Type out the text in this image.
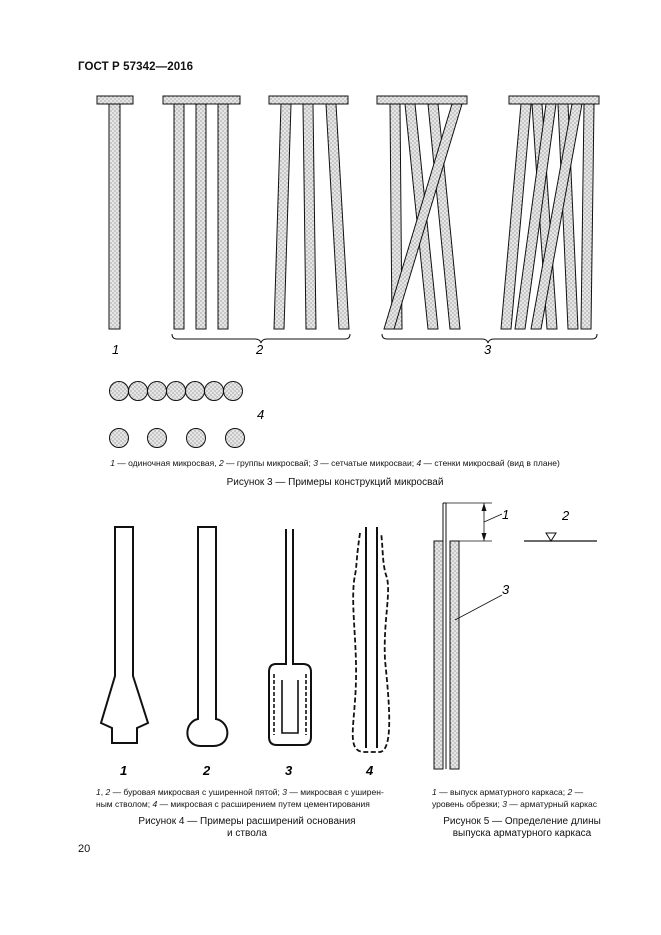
ГОСТ Р 57342—2016
1	2	3
4
1	2	3	4
1	2
3
1 — одиночная микросвая, 2 — группы микросвай; 3 — сетчатые микросваи; 4 — стенки микросвай (вид в плане)
Рисунок 3 — Примеры конструкций микросвай
1, 2 — буровая микросвая с уширенной пятой; 3 — микросвая с уширен-
ным стволом; 4 — микросвая с расширением путем цементирования
Рисунок 4 — Примеры расширений основания
и ствола
1 — выпуск арматурного каркаса; 2 —
уровень обрезки; 3 — арматурный каркас
Рисунок 5 — Определение длины
выпуска арматурного каркаса
20
